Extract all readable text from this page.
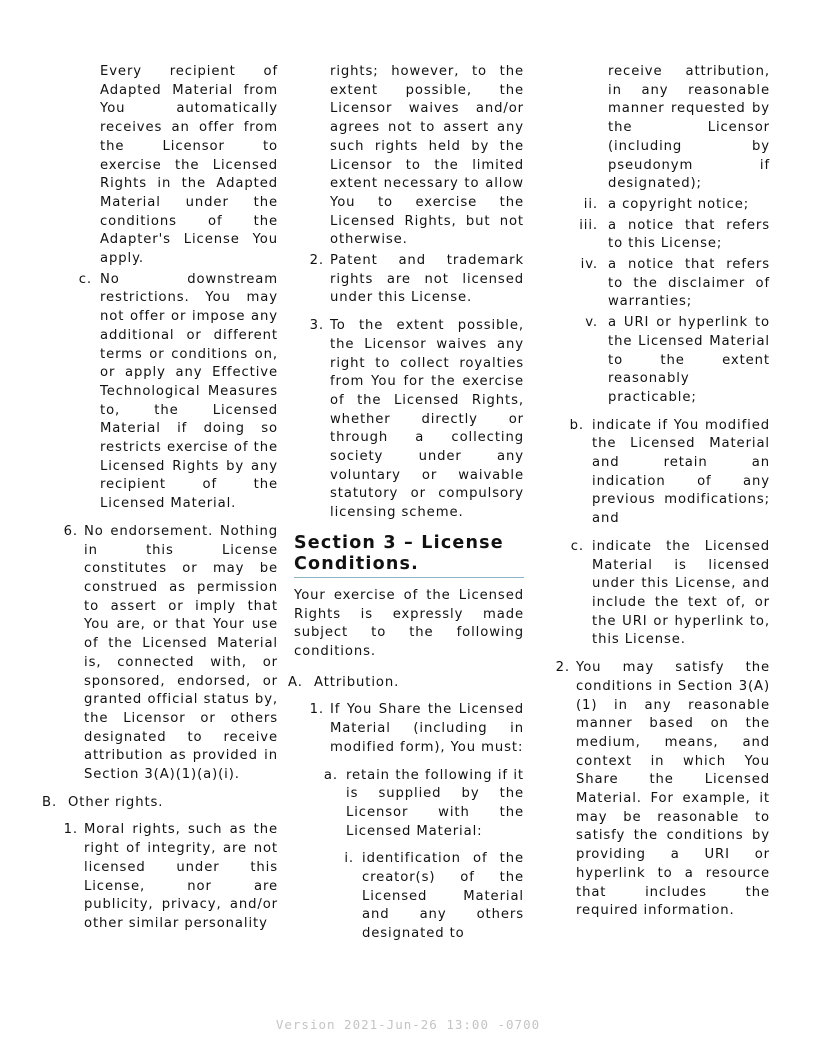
Every recipient of Adapted Material from You automatically receives an offer from the Licensor to exercise the Licensed Rights in the Adapted Material under the conditions of the Adapter's License You apply.

c. No downstream restrictions. You may not offer or impose any additional or different terms or conditions on, or apply any Effective Technological Measures to, the Licensed Material if doing so restricts exercise of the Licensed Rights by any recipient of the Licensed Material.

6. No endorsement. Nothing in this License constitutes or may be construed as permission to assert or imply that You are, or that Your use of the Licensed Material is, connected with, or sponsored, endorsed, or granted official status by, the Licensor or others designated to receive attribution as provided in Section 3(A)(1)(a)(i).

B. Other rights.

1. Moral rights, such as the right of integrity, are not licensed under this License, nor are publicity, privacy, and/or other similar personality

rights; however, to the extent possible, the Licensor waives and/or agrees not to assert any such rights held by the Licensor to the limited extent necessary to allow You to exercise the Licensed Rights, but not otherwise.

2. Patent and trademark rights are not licensed under this License.

3. To the extent possible, the Licensor waives any right to collect royalties from You for the exercise of the Licensed Rights, whether directly or through a collecting society under any voluntary or waivable statutory or compulsory licensing scheme.

Section 3 – License Conditions.

Your exercise of the Licensed Rights is expressly made subject to the following conditions.

A. Attribution.

1. If You Share the Licensed Material (including in modified form), You must:

a. retain the following if it is supplied by the Licensor with the Licensed Material:

i. identification of the creator(s) of the Licensed Material and any others designated to

receive attribution, in any reasonable manner requested by the Licensor (including by pseudonym if designated);

ii. a copyright notice;

iii. a notice that refers to this License;

iv. a notice that refers to the disclaimer of warranties;

v. a URI or hyperlink to the Licensed Material to the extent reasonably practicable;

b. indicate if You modified the Licensed Material and retain an indication of any previous modifications; and

c. indicate the Licensed Material is licensed under this License, and include the text of, or the URI or hyperlink to, this License.

2. You may satisfy the conditions in Section 3(A)(1) in any reasonable manner based on the medium, means, and context in which You Share the Licensed Material. For example, it may be reasonable to satisfy the conditions by providing a URI or hyperlink to a resource that includes the required information.

Version 2021-Jun-26 13:00 -0700
